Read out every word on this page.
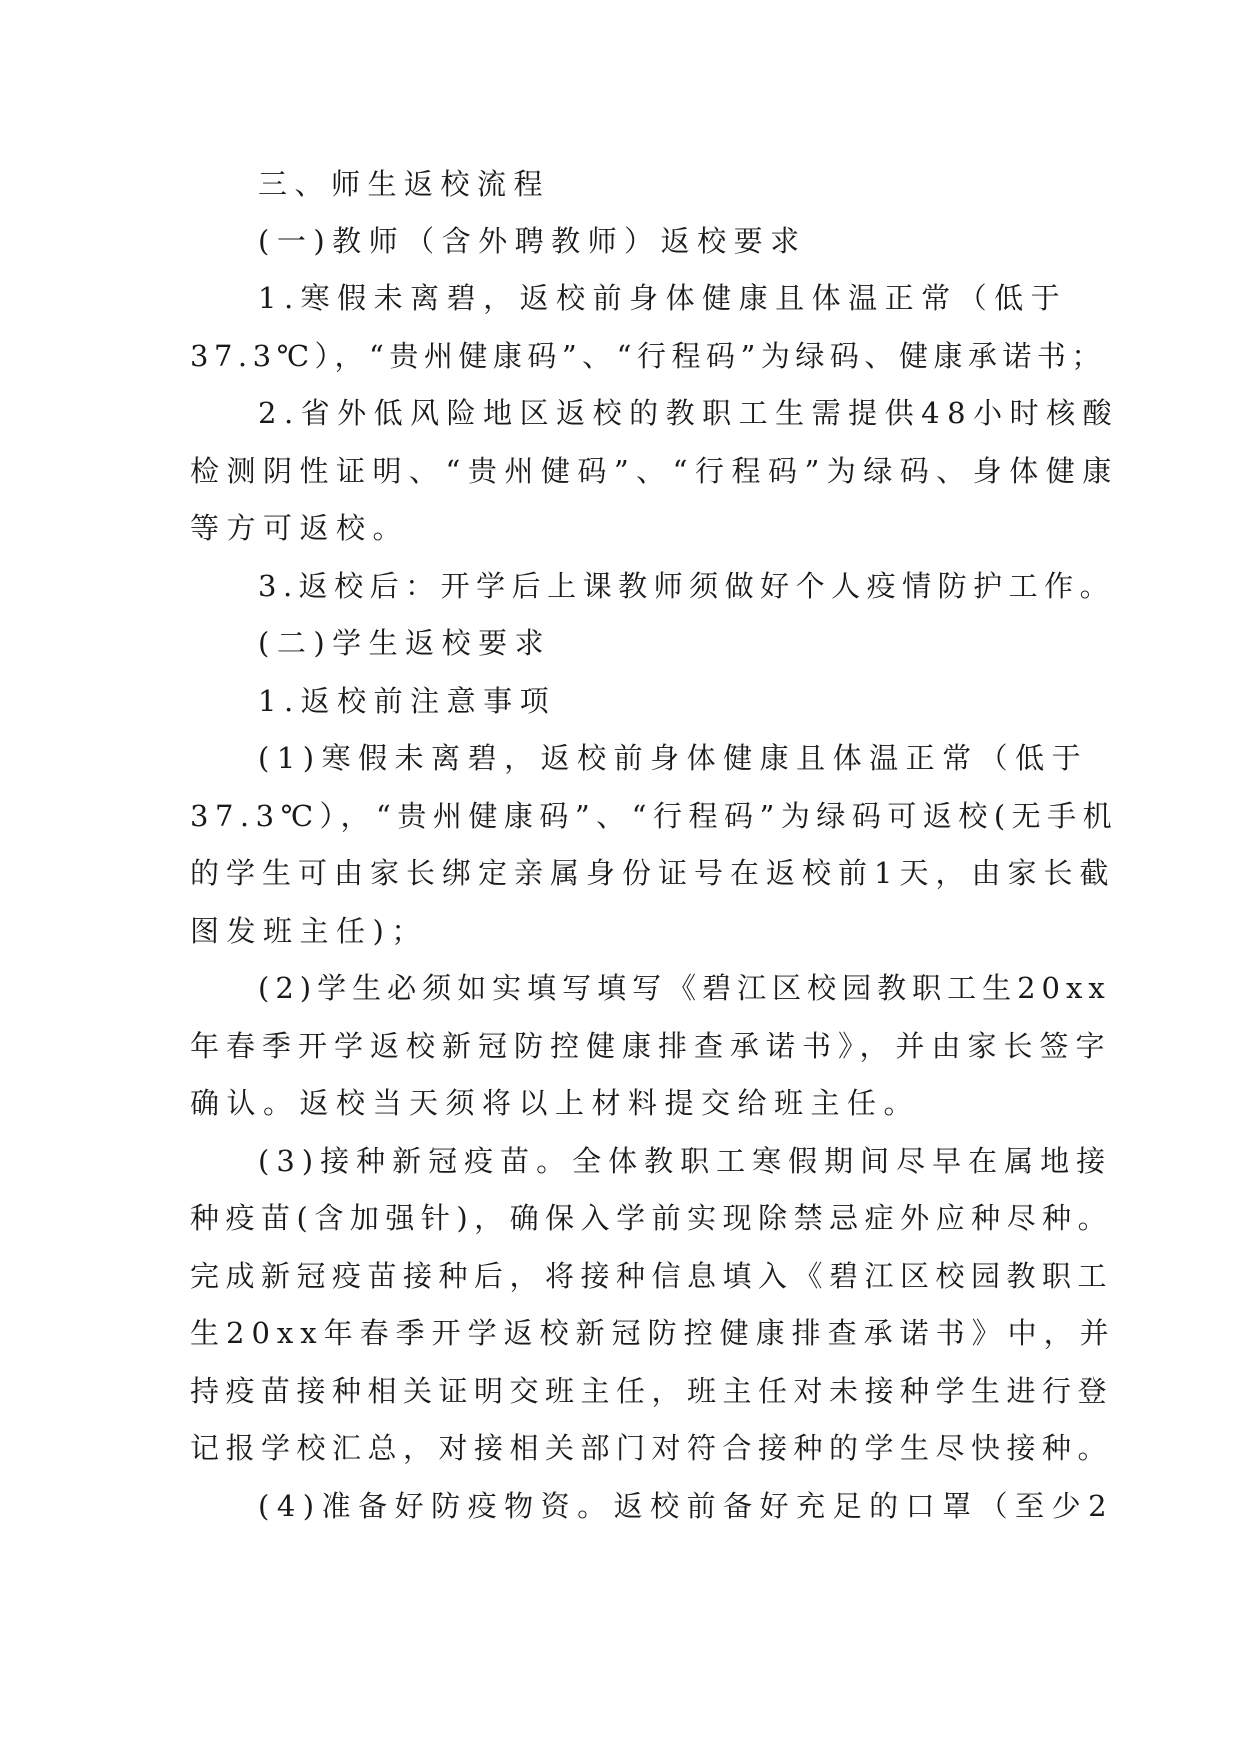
三、师生返校流程
(一)教师（含外聘教师）返校要求
1.寒假未离碧，返校前身体健康且体温正常（低于
37.3℃），“贵州健康码”、“行程码”为绿码、健康承诺书；
2.省外低风险地区返校的教职工生需提供48小时核酸
检测阴性证明、“贵州健码”、“行程码”为绿码、身体健康
等方可返校。
3.返校后：开学后上课教师须做好个人疫情防护工作。
(二)学生返校要求
1.返校前注意事项
(1)寒假未离碧，返校前身体健康且体温正常（低于
37.3℃），“贵州健康码”、“行程码”为绿码可返校(无手机
的学生可由家长绑定亲属身份证号在返校前1天，由家长截
图发班主任)；
(2)学生必须如实填写填写《碧江区校园教职工生20xx
年春季开学返校新冠防控健康排查承诺书》，并由家长签字
确认。返校当天须将以上材料提交给班主任。
(3)接种新冠疫苗。全体教职工寒假期间尽早在属地接
种疫苗(含加强针)，确保入学前实现除禁忌症外应种尽种。
完成新冠疫苗接种后，将接种信息填入《碧江区校园教职工
生20xx年春季开学返校新冠防控健康排查承诺书》中，并
持疫苗接种相关证明交班主任，班主任对未接种学生进行登
记报学校汇总，对接相关部门对符合接种的学生尽快接种。
(4)准备好防疫物资。返校前备好充足的口罩（至少2
